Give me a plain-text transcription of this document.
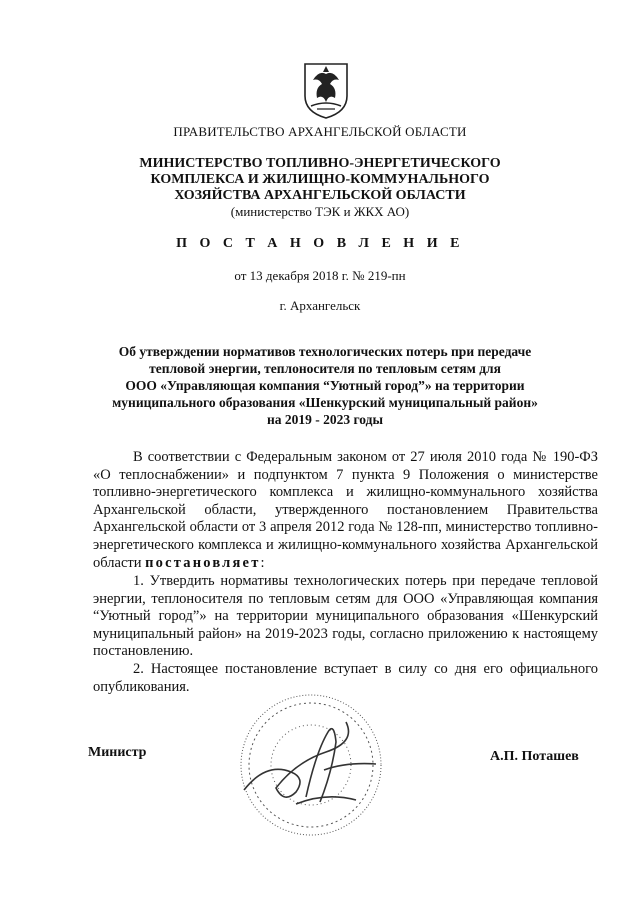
ПРАВИТЕЛЬСТВО АРХАНГЕЛЬСКОЙ ОБЛАСТИ
МИНИСТЕРСТВО ТОПЛИВНО-ЭНЕРГЕТИЧЕСКОГО
КОМПЛЕКСА И ЖИЛИЩНО-КОММУНАЛЬНОГО
ХОЗЯЙСТВА АРХАНГЕЛЬСКОЙ ОБЛАСТИ
(министерство ТЭК и ЖКХ АО)
П О С Т А Н О В Л Е Н И Е
от 13 декабря 2018 г. № 219-пн
г. Архангельск
Об утверждении нормативов технологических потерь при передаче
тепловой энергии, теплоносителя по тепловым сетям для
ООО «Управляющая компания “Уютный город”» на территории
муниципального образования «Шенкурский муниципальный район»
на 2019 - 2023 годы
В соответствии с Федеральным законом от 27 июля 2010 года № 190-ФЗ «О теплоснабжении» и подпунктом 7 пункта 9 Положения о министерстве топливно-энергетического комплекса и жилищно-коммунального хозяйства Архангельской области, утвержденного постановлением Правительства Архангельской области от 3 апреля 2012 года № 128-пп, министерство топливно-энергетического комплекса и жилищно-коммунального хозяйства Архангельской области постановляет:
1. Утвердить нормативы технологических потерь при передаче тепловой энергии, теплоносителя по тепловым сетям для ООО «Управляющая компания “Уютный город”» на территории муниципального образования «Шенкурский муниципальный район» на 2019-2023 годы, согласно приложению к настоящему постановлению.
2. Настоящее постановление вступает в силу со дня его официального опубликования.
Министр	А.П. Поташев
